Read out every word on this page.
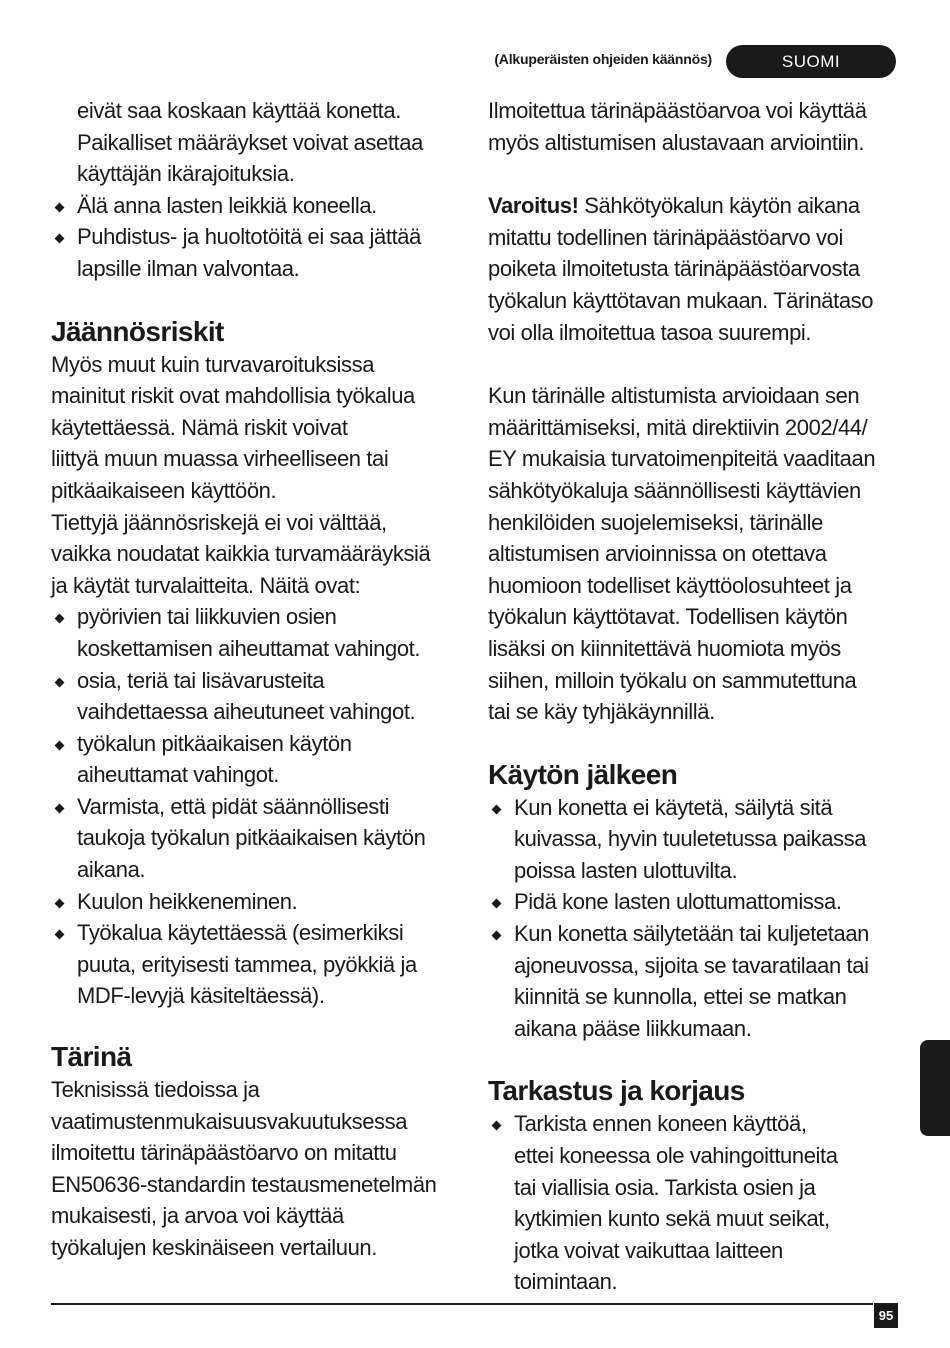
(Alkuperäisten ohjeiden käännös)	SUOMI
eivät saa koskaan käyttää konetta.
Paikalliset määräykset voivat asettaa
käyttäjän ikärajoituksia.
Älä anna lasten leikkiä koneella.
Puhdistus- ja huoltotöitä ei saa jättää
lapsille ilman valvontaa.
Jäännösriskit
Myös muut kuin turvavaroituksissa
mainitut riskit ovat mahdollisia työkalua
käytettäessä. Nämä riskit voivat
liittyä muun muassa virheelliseen tai
pitkäaikaiseen käyttöön.
Tiettyjä jäännösriskejä ei voi välttää,
vaikka noudatat kaikkia turvamääräyksiä
ja käytät turvalaitteita. Näitä ovat:
pyörivien tai liikkuvien osien
koskettamisen aiheuttamat vahingot.
osia, teriä tai lisävarusteita
vaihdettaessa aiheutuneet vahingot.
työkalun pitkäaikaisen käytön
aiheuttamat vahingot.
Varmista, että pidät säännöllisesti
taukoja työkalun pitkäaikaisen käytön
aikana.
Kuulon heikkeneminen.
Työkalua käytettäessä (esimerkiksi
puuta, erityisesti tammea, pyökkiä ja
MDF-levyjä käsiteltäessä).
Tärinä
Teknisissä tiedoissa ja
vaatimustenmukaisuusvakuutuksessa
ilmoitettu tärinäpäästöarvo on mitattu
EN50636-standardin testausmenetelmän
mukaisesti, ja arvoa voi käyttää
työkalujen keskinäiseen vertailuun.
Ilmoitettua tärinäpäästöarvoa voi käyttää
myös altistumisen alustavaan arviointiin.
Varoitus! Sähkötyökalun käytön aikana
mitattu todellinen tärinäpäästöarvo voi
poiketa ilmoitetusta tärinäpäästöarvosta
työkalun käyttötavan mukaan. Tärinätaso
voi olla ilmoitettua tasoa suurempi.
Kun tärinälle altistumista arvioidaan sen
määrittämiseksi, mitä direktiivin 2002/44/
EY mukaisia turvatoimenpiteitä vaaditaan
sähkötyökaluja säännöllisesti käyttävien
henkilöiden suojelemiseksi, tärinälle
altistumisen arvioinnissa on otettava
huomioon todelliset käyttöolosuhteet ja
työkalun käyttötavat. Todellisen käytön
lisäksi on kiinnitettävä huomiota myös
siihen, milloin työkalu on sammutettuna
tai se käy tyhjäkäynnillä.
Käytön jälkeen
Kun konetta ei käytetä, säilytä sitä
kuivassa, hyvin tuuletetussa paikassa
poissa lasten ulottuvilta.
Pidä kone lasten ulottumattomissa.
Kun konetta säilytetään tai kuljetetaan
ajoneuvossa, sijoita se tavaratilaan tai
kiinnitä se kunnolla, ettei se matkan
aikana pääse liikkumaan.
Tarkastus ja korjaus
Tarkista ennen koneen käyttöä,
ettei koneessa ole vahingoittuneita
tai viallisia osia. Tarkista osien ja
kytkimien kunto sekä muut seikat,
jotka voivat vaikuttaa laitteen
toimintaan.
95
